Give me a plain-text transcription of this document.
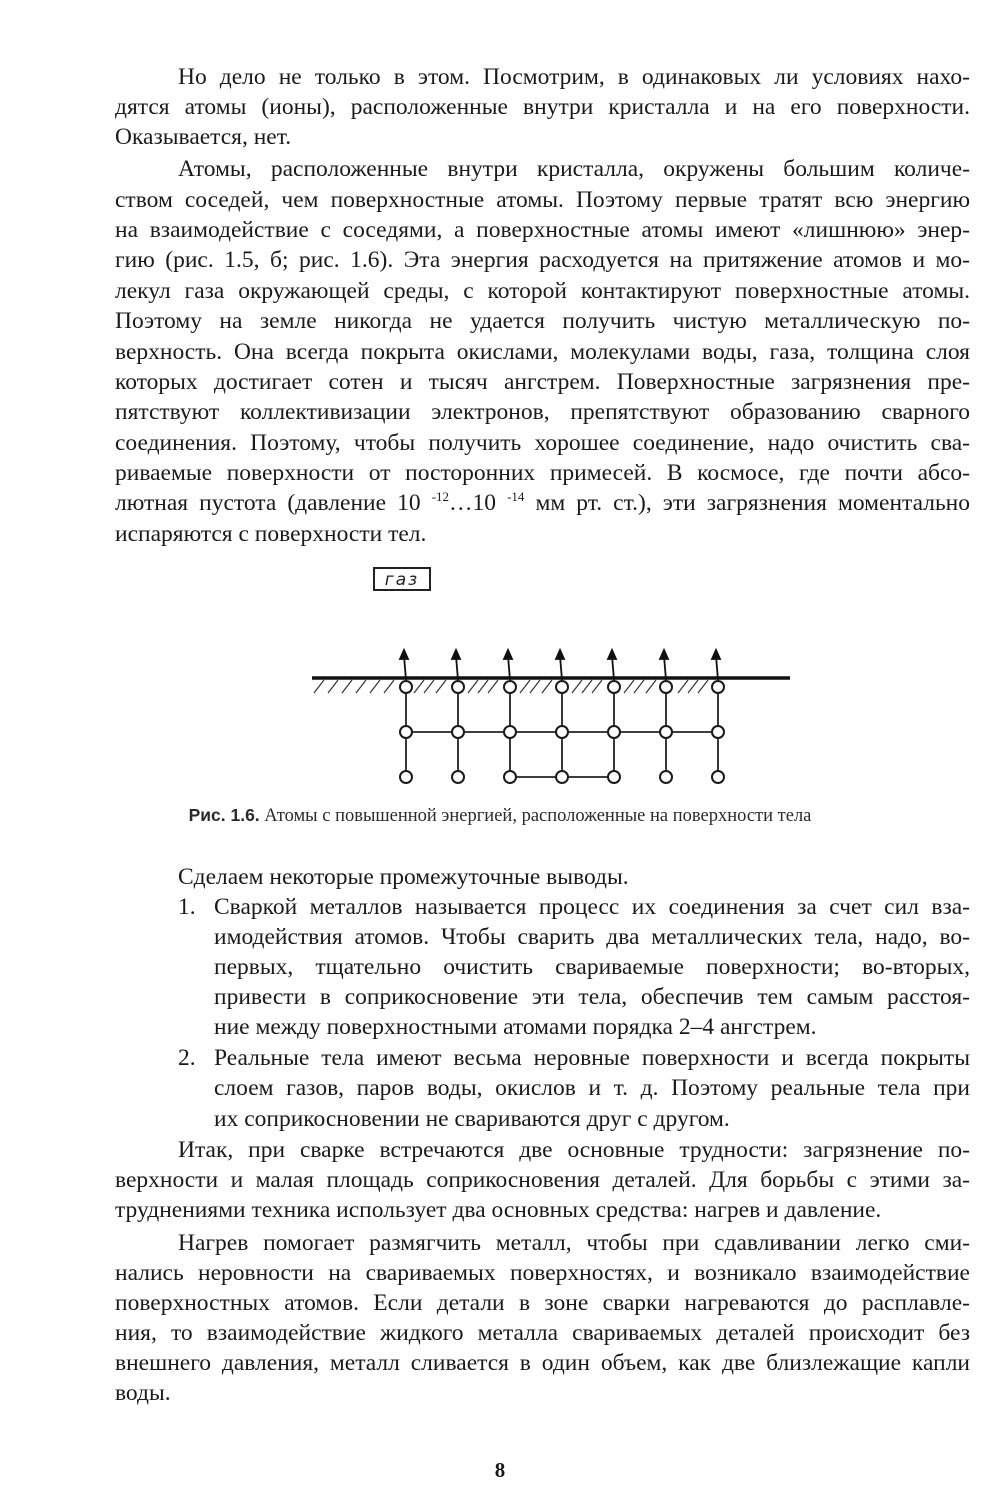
Но дело не только в этом. Посмотрим, в одинаковых ли условиях нахо-
дятся атомы (ионы), расположенные внутри кристалла и на его поверхности.
Оказывается, нет.
Атомы, расположенные внутри кристалла, окружены большим количе-
ством соседей, чем поверхностные атомы. Поэтому первые тратят всю энергию
на взаимодействие с соседями, а поверхностные атомы имеют «лишнюю» энер-
гию (рис. 1.5, б; рис. 1.6). Эта энергия расходуется на притяжение атомов и мо-
лекул газа окружающей среды, с которой контактируют поверхностные атомы.
Поэтому на земле никогда не удается получить чистую металлическую по-
верхность. Она всегда покрыта окислами, молекулами воды, газа, толщина слоя
которых достигает сотен и тысяч ангстрем. Поверхностные загрязнения пре-
пятствуют коллективизации электронов, препятствуют образованию сварного
соединения. Поэтому, чтобы получить хорошее соединение, надо очистить сва-
риваемые поверхности от посторонних примесей. В космосе, где почти абсо-
лютная пустота (давление 10 $^{-12}$…10 $^{-14}$ мм рт. ст.), эти загрязнения моментально
испаряются с поверхности тел.
газ
Рис. 1.6. Атомы с повышенной энергией, расположенные на поверхности тела
Сделаем некоторые промежуточные выводы.
1. Сваркой металлов называется процесс их соединения за счет сил вза-
имодействия атомов. Чтобы сварить два металлических тела, надо, во-
первых, тщательно очистить свариваемые поверхности; во-вторых,
привести в соприкосновение эти тела, обеспечив тем самым расстоя-
ние между поверхностными атомами порядка 2–4 ангстрем.
2. Реальные тела имеют весьма неровные поверхности и всегда покрыты
слоем газов, паров воды, окислов и т. д. Поэтому реальные тела при
их соприкосновении не свариваются друг с другом.
Итак, при сварке встречаются две основные трудности: загрязнение по-
верхности и малая площадь соприкосновения деталей. Для борьбы с этими за-
труднениями техника использует два основных средства: нагрев и давление.
Нагрев помогает размягчить металл, чтобы при сдавливании легко сми-
нались неровности на свариваемых поверхностях, и возникало взаимодействие
поверхностных атомов. Если детали в зоне сварки нагреваются до расплавле-
ния, то взаимодействие жидкого металла свариваемых деталей происходит без
внешнего давления, металл сливается в один объем, как две близлежащие капли
воды.
8
